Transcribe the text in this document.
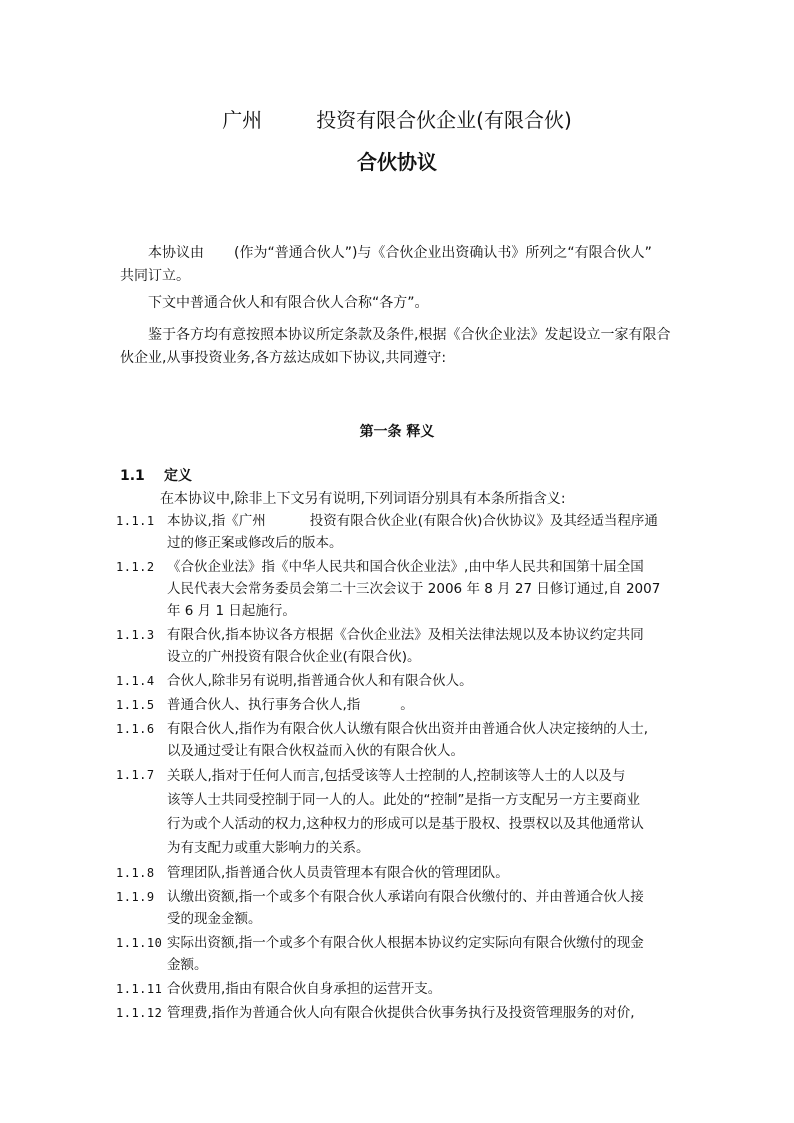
广州	投资有限合伙企业(有限合伙)
合伙协议
本协议由 (作为“普通合伙人”)与《合伙企业出资确认书》所列之“有限合伙人”
共同订立。
下文中普通合伙人和有限合伙人合称“各方”。
鉴于各方均有意按照本协议所定条款及条件,根据《合伙企业法》发起设立一家有限合
伙企业,从事投资业务,各方兹达成如下协议,共同遵守:
第一条 释义
1.1 定义
在本协议中,除非上下文另有说明,下列词语分别具有本条所指含义:
1.1.1 本协议,指《广州	投资有限合伙企业(有限合伙)合伙协议》及其经适当程序通
过的修正案或修改后的版本。
1.1.2 《合伙企业法》指《中华人民共和国合伙企业法》,由中华人民共和国第十届全国
人民代表大会常务委员会第二十三次会议于 2006 年 8 月 27 日修订通过,自 2007
年 6 月 1 日起施行。
1.1.3 有限合伙,指本协议各方根据《合伙企业法》及相关法律法规以及本协议约定共同
设立的广州投资有限合伙企业(有限合伙)。
1.1.4 合伙人,除非另有说明,指普通合伙人和有限合伙人。
1.1.5 普通合伙人、执行事务合伙人,指	。
1.1.6 有限合伙人,指作为有限合伙人认缴有限合伙出资并由普通合伙人决定接纳的人士,
以及通过受让有限合伙权益而入伙的有限合伙人。
1.1.7 关联人,指对于任何人而言,包括受该等人士控制的人,控制该等人士的人以及与
该等人士共同受控制于同一人的人。此处的“控制”是指一方支配另一方主要商业
行为或个人活动的权力,这种权力的形成可以是基于股权、投票权以及其他通常认
为有支配力或重大影响力的关系。
1.1.8 管理团队,指普通合伙人员责管理本有限合伙的管理团队。
1.1.9 认缴出资额,指一个或多个有限合伙人承诺向有限合伙缴付的、并由普通合伙人接
受的现金金额。
1.1.10 实际出资额,指一个或多个有限合伙人根据本协议约定实际向有限合伙缴付的现金
金额。
1.1.11 合伙费用,指由有限合伙自身承担的运营开支。
1.1.12 管理费,指作为普通合伙人向有限合伙提供合伙事务执行及投资管理服务的对价,
